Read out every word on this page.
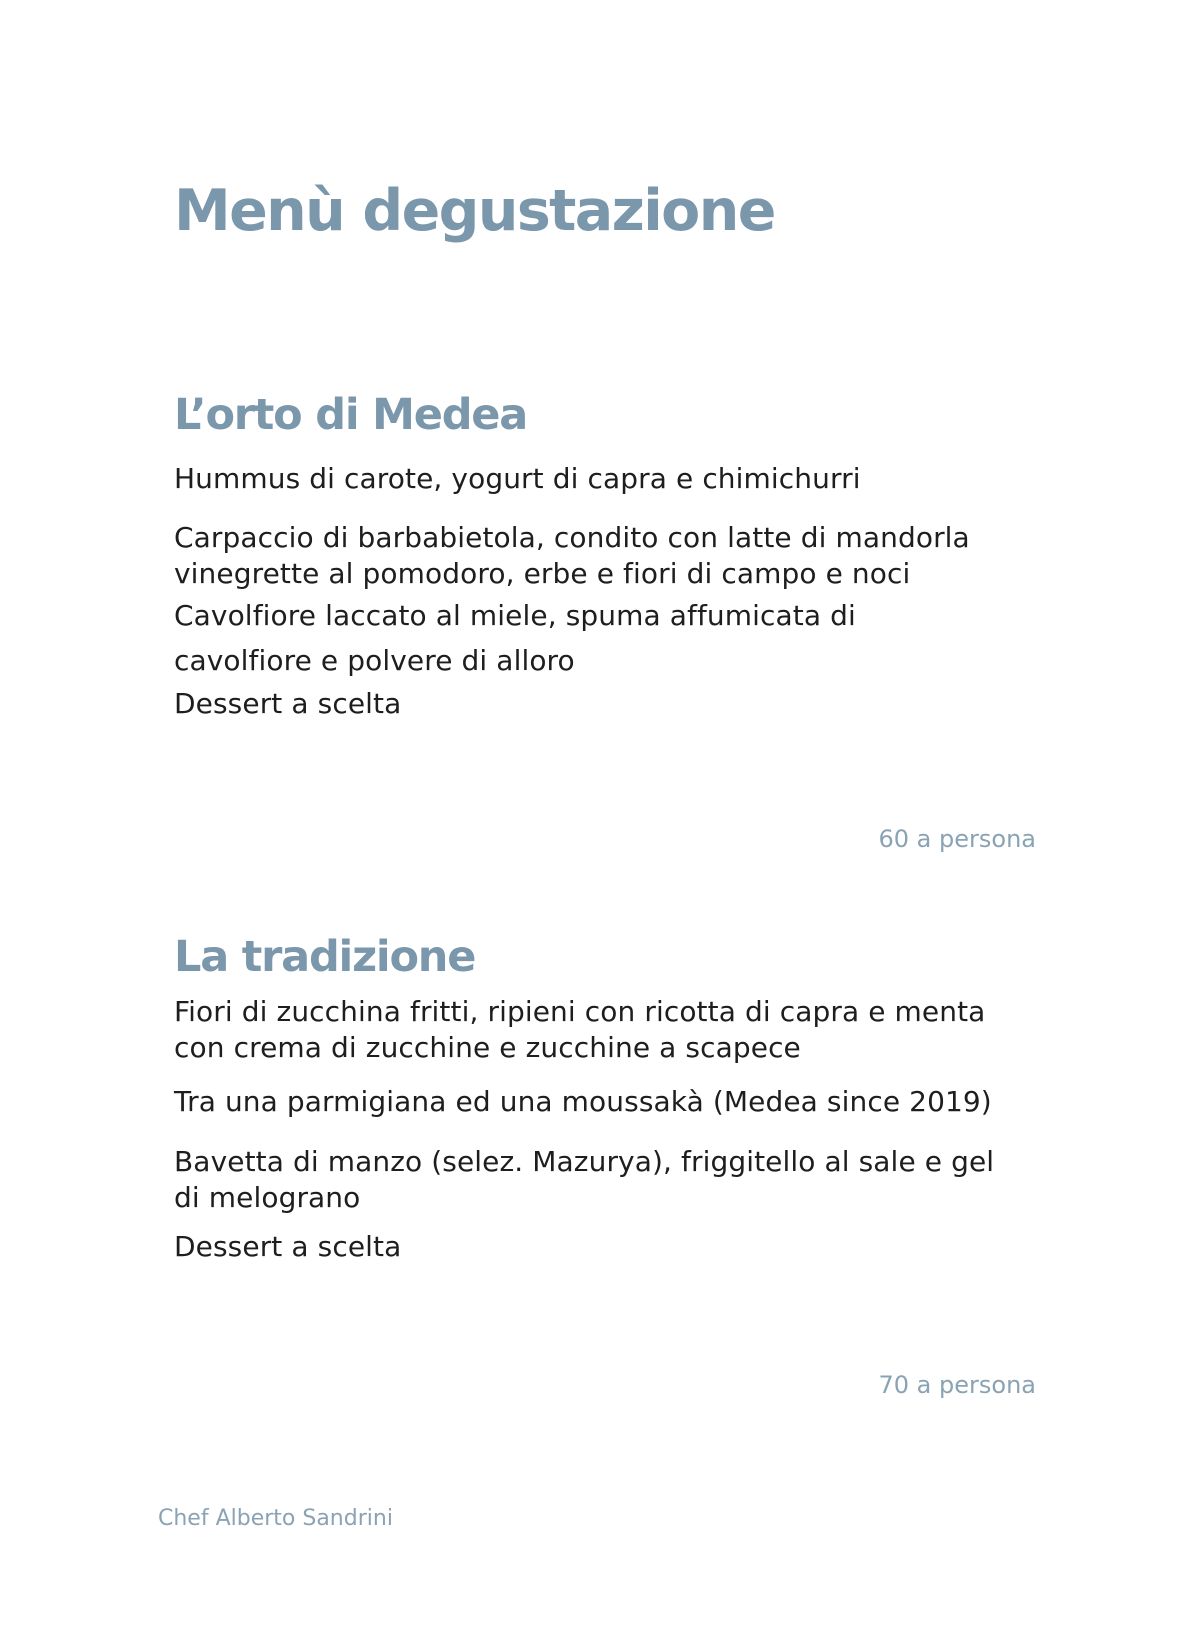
Menù degustazione
L’orto di Medea

Hummus di carote, yogurt di capra e chimichurri

Carpaccio di barbabietola, condito con latte di mandorla

vinegrette al pomodoro, erbe e fiori di campo e noci

Cavolfiore laccato al miele, spuma affumicata di

cavolfiore e polvere di alloro

Dessert a scelta

60 a persona

La tradizione

Fiori di zucchina fritti, ripieni con ricotta di capra e menta

con crema di zucchine e zucchine a scapece

Tra una parmigiana ed una moussakà (Medea since 2019)

Bavetta di manzo (selez. Mazurya), friggitello al sale e gel

di melograno

Dessert a scelta

70 a persona

Chef Alberto Sandrini
